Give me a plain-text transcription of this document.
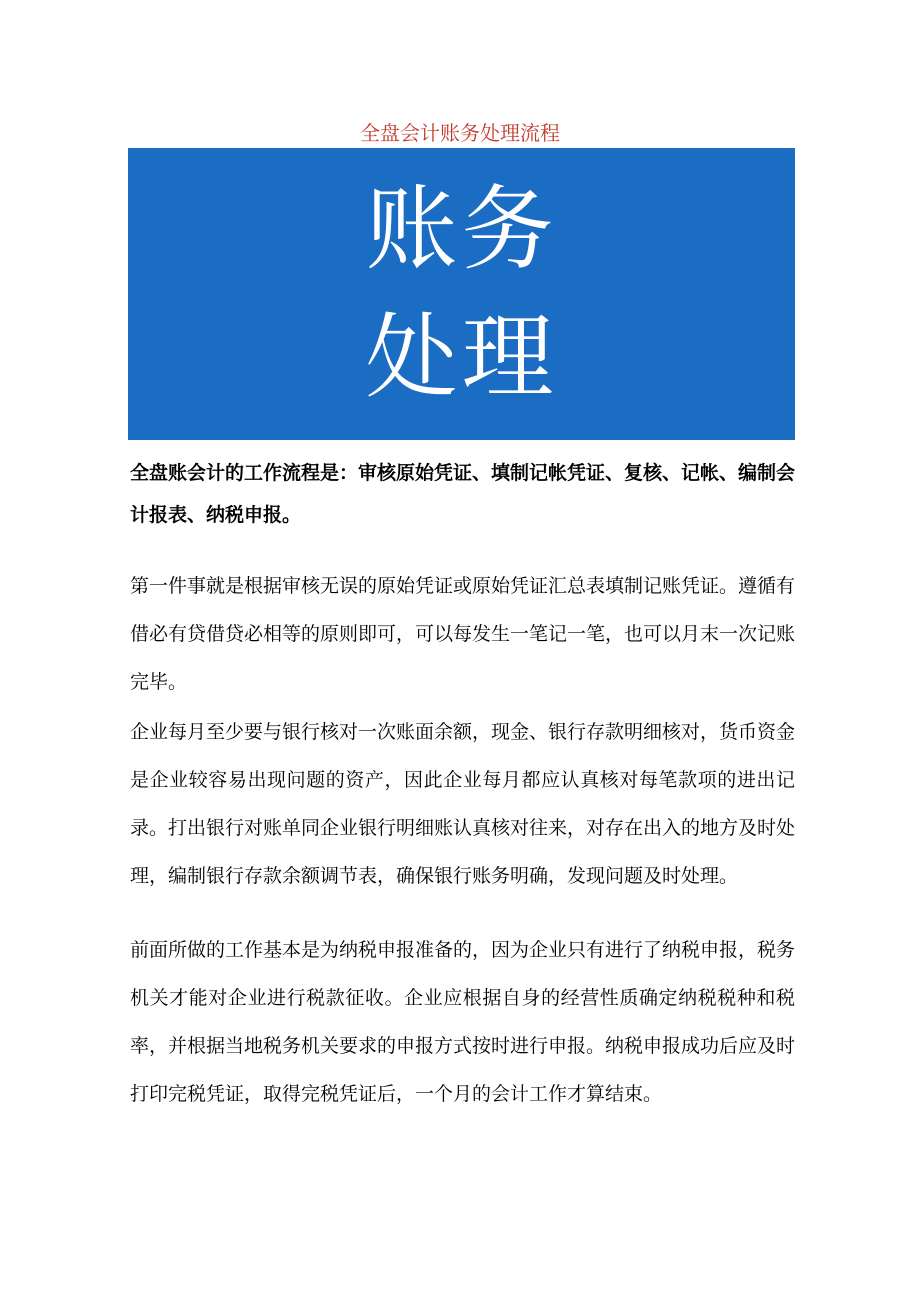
全盘会计账务处理流程
账务
处理

全盘账会计的工作流程是：审核原始凭证、填制记帐凭证、复核、记帐、编制会计报表、纳税申报。

第一件事就是根据审核无误的原始凭证或原始凭证汇总表填制记账凭证。遵循有借必有贷借贷必相等的原则即可，可以每发生一笔记一笔，也可以月末一次记账完毕。

企业每月至少要与银行核对一次账面余额，现金、银行存款明细核对，货币资金是企业较容易出现问题的资产，因此企业每月都应认真核对每笔款项的进出记录。打出银行对账单同企业银行明细账认真核对往来，对存在出入的地方及时处理，编制银行存款余额调节表，确保银行账务明确，发现问题及时处理。

前面所做的工作基本是为纳税申报准备的，因为企业只有进行了纳税申报，税务机关才能对企业进行税款征收。企业应根据自身的经营性质确定纳税税种和税率，并根据当地税务机关要求的申报方式按时进行申报。纳税申报成功后应及时打印完税凭证，取得完税凭证后，一个月的会计工作才算结束。
